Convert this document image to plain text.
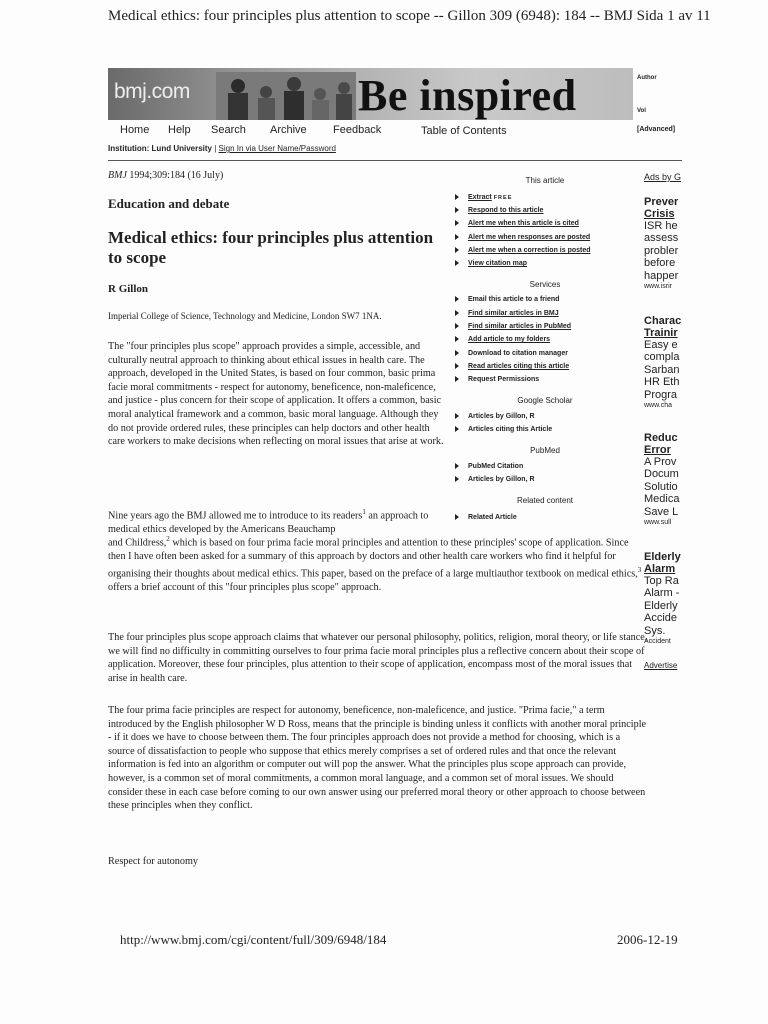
Medical ethics: four principles plus attention to scope -- Gillon 309 (6948): 184 -- BMJ Sida 1 av 11
bmj.com	Be inspired	Author
Vol
Home Help Search Archive Feedback	Table of Contents	[Advanced]
Institution: Lund University | Sign In via User Name/Password
BMJ 1994;309:184 (16 July)
Education and debate
Medical ethics: four principles plus attention to scope
R Gillon
Imperial College of Science, Technology and Medicine, London SW7 1NA.

The "four principles plus scope" approach provides a simple, accessible, and culturally neutral approach to thinking about ethical issues in health care. The approach, developed in the United States, is based on four common, basic prima facie moral commitments - respect for autonomy, beneficence, non-maleficence, and justice - plus concern for their scope of application. It offers a common, basic moral analytical framework and a common, basic moral language. Although they do not provide ordered rules, these principles can help doctors and other health care workers to make decisions when reflecting on moral issues that arise at work.

Nine years ago the BMJ allowed me to introduce to its readers$^1$ an approach to medical ethics developed by the Americans Beauchamp

and Childress,$^2$ which is based on four prima facie moral principles and attention to these principles' scope of application. Since then I have often been asked for a summary of this approach by doctors and other health care workers who find it helpful for organising their thoughts about medical ethics. This paper, based on the preface of a large multiauthor textbook on medical ethics,$^3$ offers a brief account of this "four principles plus scope" approach.

The four principles plus scope approach claims that whatever our personal philosophy, politics, religion, moral theory, or life stance, we will find no difficulty in committing ourselves to four prima facie moral principles plus a reflective concern about their scope of application. Moreover, these four principles, plus attention to their scope of application, encompass most of the moral issues that arise in health care.

The four prima facie principles are respect for autonomy, beneficence, non-maleficence, and justice. "Prima facie," a term introduced by the English philosopher W D Ross, means that the principle is binding unless it conflicts with another moral principle - if it does we have to choose between them. The four principles approach does not provide a method for choosing, which is a source of dissatisfaction to people who suppose that ethics merely comprises a set of ordered rules and that once the relevant information is fed into an algorithm or computer out will pop the answer. What the principles plus scope approach can provide, however, is a common set of moral commitments, a common moral language, and a common set of moral issues. We should consider these in each case before coming to our own answer using our preferred moral theory or other approach to choose between these principles when they conflict.

Respect for autonomy
This article
Extract FREE
Respond to this article
Alert me when this article is cited
Alert me when responses are posted
Alert me when a correction is posted
View citation map
Services
Email this article to a friend
Find similar articles in BMJ
Find similar articles in PubMed
Add article to my folders
Download to citation manager
Read articles citing this article
Request Permissions
Google Scholar
Articles by Gillon, R
Articles citing this Article
PubMed
PubMed Citation
Articles by Gillon, R
Related content
Related Article
Ads by G
Prever
Crisis
ISR he
assess
probler
before
happer
www.isrir
Charac
Trainir
Easy e
compla
Sarban
HR Eth
Progra
www.cha
Reduc
Error
A Prov
Docum
Solutio
Medica
Save L
www.sull
Elderly
Alarm
Top Ra
Alarm -
Elderly
Accide
Sys.
Accident
Advertise
http://www.bmj.com/cgi/content/full/309/6948/184	2006-12-19
